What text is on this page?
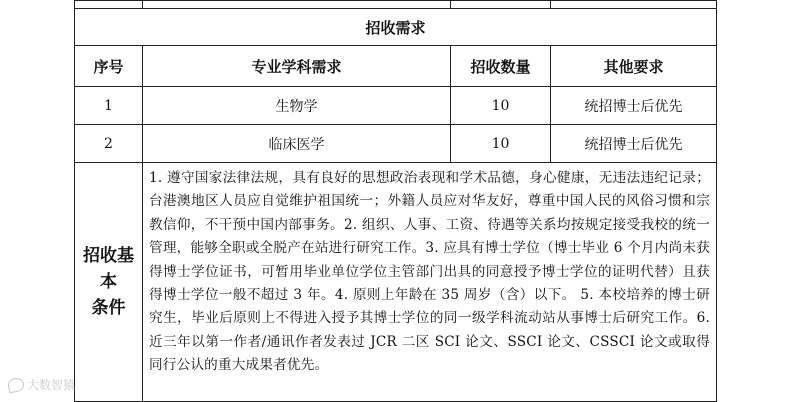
招收需求			
序号	专业学科需求	招收数量	其他要求
1	生物学	10	统招博士后优先
2	临床医学	10	统招博士后优先

招收基本
条件	1. 遵守国家法律法规，具有良好的思想政治表现和学术品德，身心健康，无违法违纪记录；台港澳地区人员应自觉维护祖国统一；外籍人员应对华友好，尊重中国人民的风俗习惯和宗教信仰，不干预中国内部事务。2. 组织、人事、工资、待遇等关系均按规定接受我校的统一管理，能够全职或全脱产在站进行研究工作。3. 应具有博士学位（博士毕业 6 个月内尚未获得博士学位证书，可暂用毕业单位学位主管部门出具的同意授予博士学位的证明代替）且获得博士学位一般不超过 3 年。4. 原则上年龄在 35 周岁（含）以下。 5. 本校培养的博士研究生，毕业后原则上不得进入授予其博士学位的同一级学科流动站从事博士后研究工作。6. 近三年以第一作者/通讯作者发表过 JCR 二区 SCI 论文、SSCI 论文、CSSCI 论文或取得同行公认的重大成果者优先。		
大数智猿
